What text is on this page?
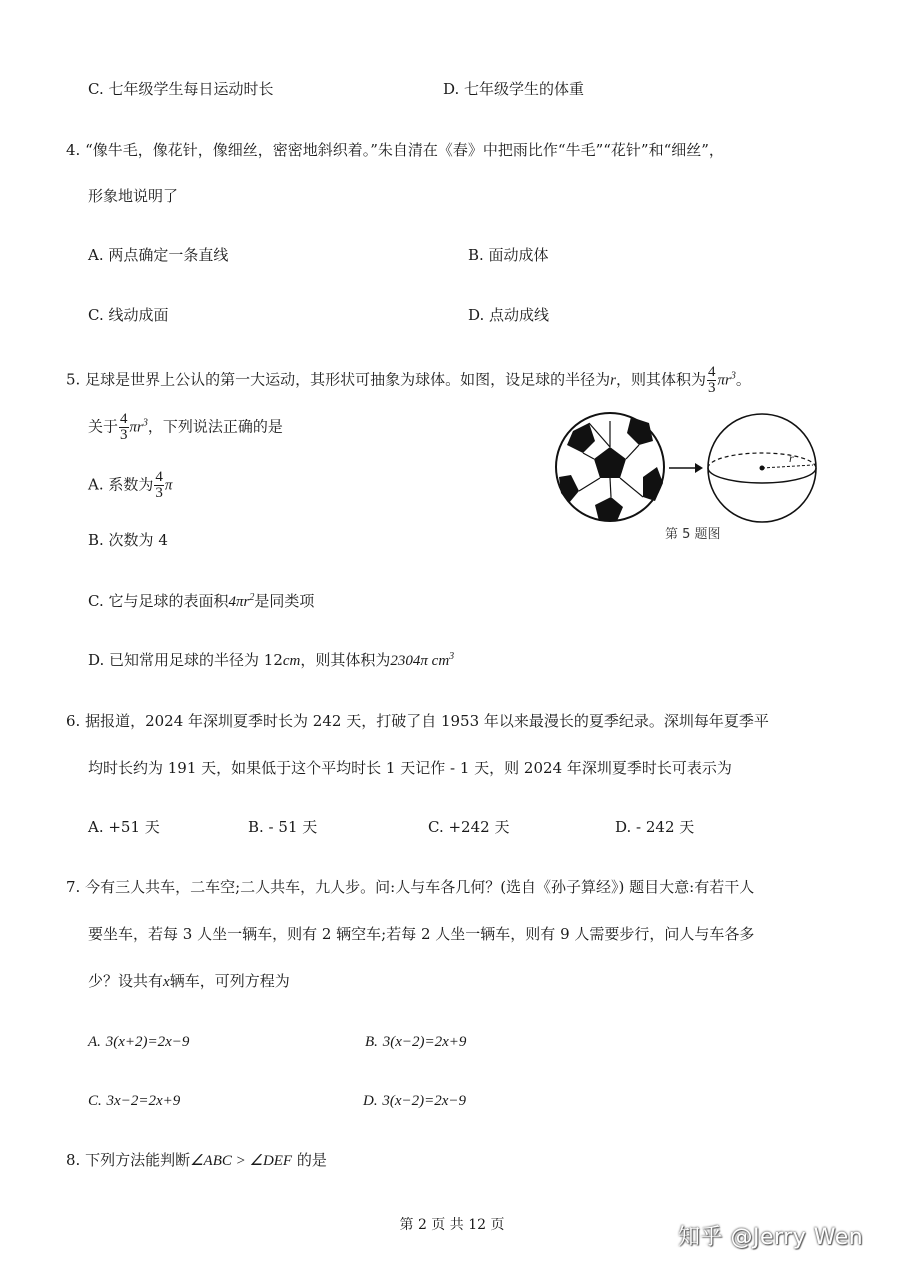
C. 七年级学生每日运动时长	D. 七年级学生的体重
4. “像牛毛，像花针，像细丝，密密地斜织着。”朱自清在《春》中把雨比作“牛毛”“花针”和“细丝”，
形象地说明了
A. 两点确定一条直线	B. 面动成体
C. 线动成面	D. 点动成线
5. 足球是世界上公认的第一大运动，其形状可抽象为球体。如图，设足球的半径为r，则其体积为 $\frac{4}{3} \pi r^3$。
关于 $\frac{4}{3} \pi r^3$，下列说法正确的是
A. 系数为 $\frac{4}{3}$ π
B. 次数为 4
C. 它与足球的表面积$4\pi r^2$是同类项
D. 已知常用足球的半径为 12cm，则其体积为2304π $cm^3$
r
第 5 题图
6. 据报道，2024 年深圳夏季时长为 242 天，打破了自 1953 年以来最漫长的夏季纪录。深圳每年夏季平
均时长约为 191 天，如果低于这个平均时长 1 天记作 - 1 天，则 2024 年深圳夏季时长可表示为
A. +51 天	B. - 51 天	C. +242 天	D. - 242 天
7. 今有三人共车，二车空;二人共车，九人步。问:人与车各几何？(选自《孙子算经》) 题目大意:有若干人
要坐车，若每 3 人坐一辆车，则有 2 辆空车;若每 2 人坐一辆车，则有 9 人需要步行，问人与车各多
少？设共有x辆车，可列方程为
A. 3(x+2)=2x−9	B. 3(x−2)=2x+9
C. 3x−2=2x+9	D. 3(x−2)=2x−9
8. 下列方法能判断∠ABC > ∠DEF 的是
第 2 页 共 12 页	知乎 @Jerry Wen
